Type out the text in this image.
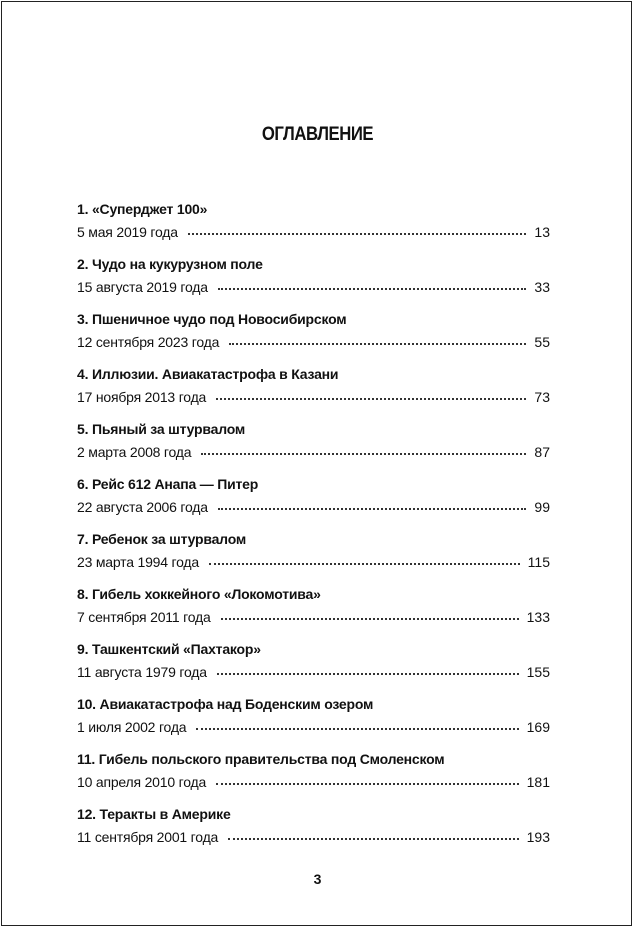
ОГЛАВЛЕНИЕ
1. «Суперджет 100»
5 мая 2019 года	13
2. Чудо на кукурузном поле
15 августа 2019 года	33
3. Пшеничное чудо под Новосибирском
12 сентября 2023 года	55
4. Иллюзии. Авиакатастрофа в Казани
17 ноября 2013 года	73
5. Пьяный за штурвалом
2 марта 2008 года	87
6. Рейс 612 Анапа — Питер
22 августа 2006 года	99
7. Ребенок за штурвалом
23 марта 1994 года	115
8. Гибель хоккейного «Локомотива»
7 сентября 2011 года	133
9. Ташкентский «Пахтакор»
11 августа 1979 года	155
10. Авиакатастрофа над Боденским озером
1 июля 2002 года	169
11. Гибель польского правительства под Смоленском
10 апреля 2010 года	181
12. Теракты в Америке
11 сентября 2001 года	193
3
